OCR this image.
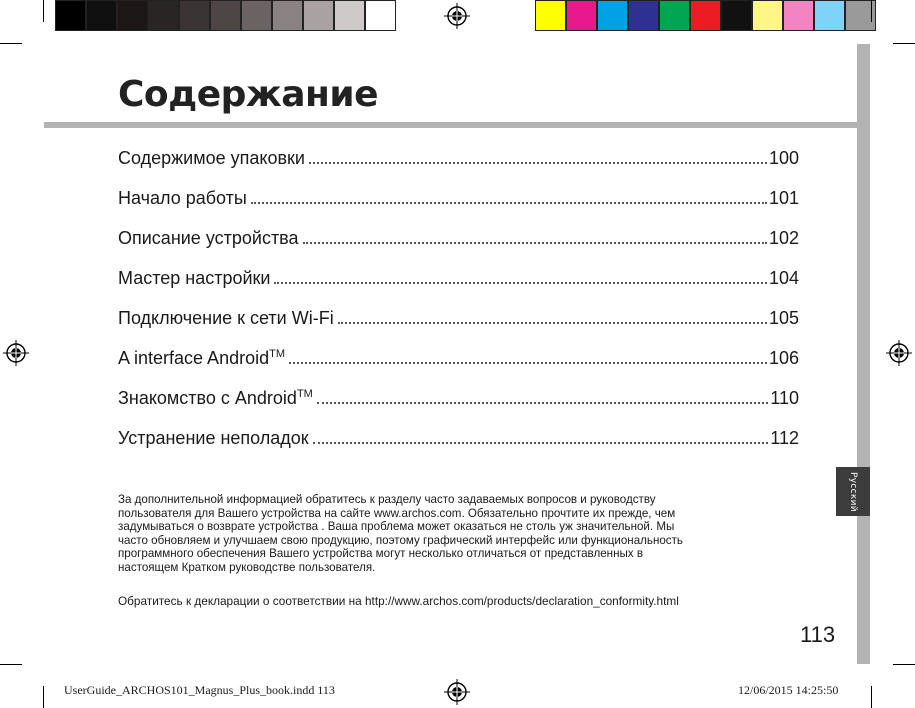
Русский
Содержание
Содержимое упаковки	100
Начало работы	101
Описание устройства	102
Мастер настройки	104
Подключение к сети Wi-Fi	105
A interface Android™	106
Знакомство с Android™	110
Устранение неполадок	112
За дополнительной информацией обратитесь к разделу часто задаваемых вопросов и руководству
пользователя для Вашего устройства на сайте www.archos.com. Обязательно прочтите их прежде, чем
задумываться о возврате устройства . Ваша проблема может оказаться не столь уж значительной. Мы
часто обновляем и улучшаем свою продукцию, поэтому графический интерфейс или функциональность
программного обеспечения Вашего устройства могут несколько отличаться от представленных в
настоящем Кратком руководстве пользователя.
Обратитесь к декларации о соответствии на http://www.archos.com/products/declaration_conformity.html
113
UserGuide_ARCHOS101_Magnus_Plus_book.indd 113	12/06/2015 14:25:50
